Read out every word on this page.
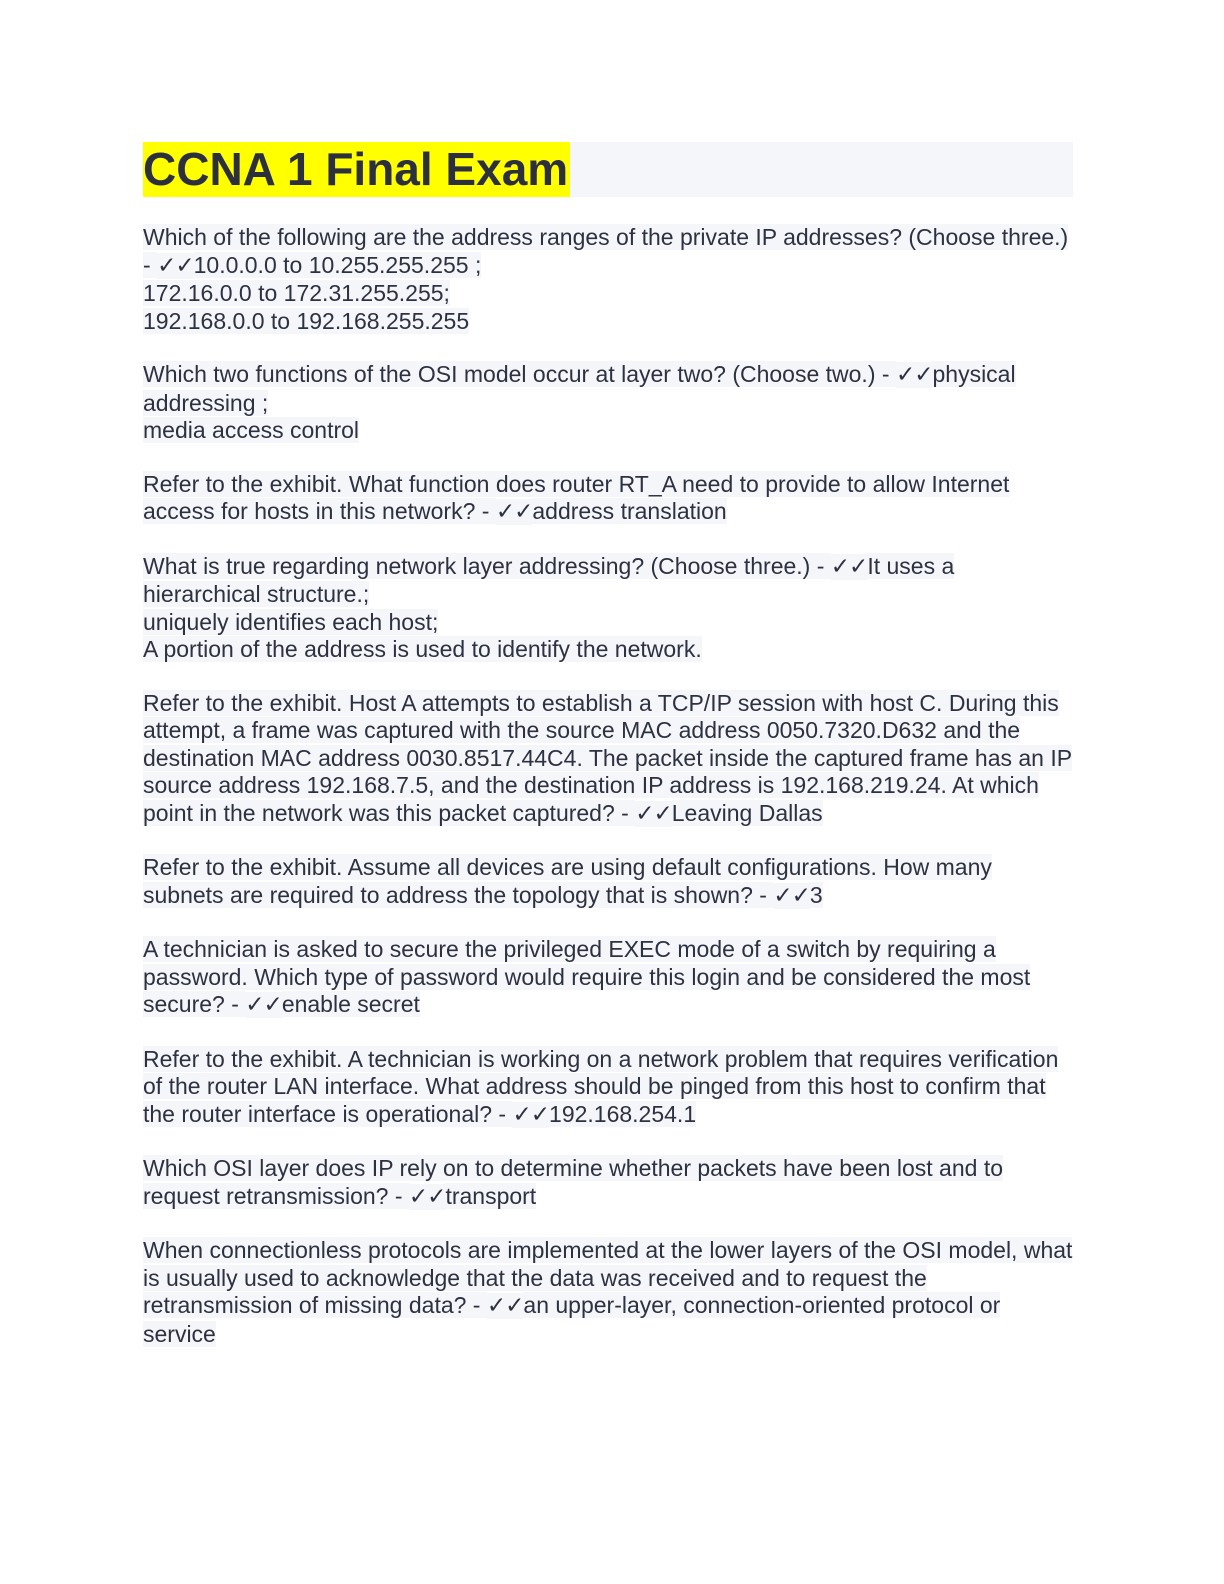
CCNA 1 Final Exam
Which of the following are the address ranges of the private IP addresses? (Choose three.) - ✓✓10.0.0.0 to 10.255.255.255 ;
172.16.0.0 to 172.31.255.255;
192.168.0.0 to 192.168.255.255
Which two functions of the OSI model occur at layer two? (Choose two.) - ✓✓physical addressing ;
media access control
Refer to the exhibit. What function does router RT_A need to provide to allow Internet access for hosts in this network? - ✓✓address translation
What is true regarding network layer addressing? (Choose three.) - ✓✓It uses a hierarchical structure.;
uniquely identifies each host;
A portion of the address is used to identify the network.
Refer to the exhibit. Host A attempts to establish a TCP/IP session with host C. During this attempt, a frame was captured with the source MAC address 0050.7320.D632 and the destination MAC address 0030.8517.44C4. The packet inside the captured frame has an IP source address 192.168.7.5, and the destination IP address is 192.168.219.24. At which point in the network was this packet captured? - ✓✓Leaving Dallas
Refer to the exhibit. Assume all devices are using default configurations. How many subnets are required to address the topology that is shown? - ✓✓3
A technician is asked to secure the privileged EXEC mode of a switch by requiring a password. Which type of password would require this login and be considered the most secure? - ✓✓enable secret
Refer to the exhibit. A technician is working on a network problem that requires verification of the router LAN interface. What address should be pinged from this host to confirm that the router interface is operational? - ✓✓192.168.254.1
Which OSI layer does IP rely on to determine whether packets have been lost and to request retransmission? - ✓✓transport
When connectionless protocols are implemented at the lower layers of the OSI model, what is usually used to acknowledge that the data was received and to request the retransmission of missing data? - ✓✓an upper-layer, connection-oriented protocol or service
